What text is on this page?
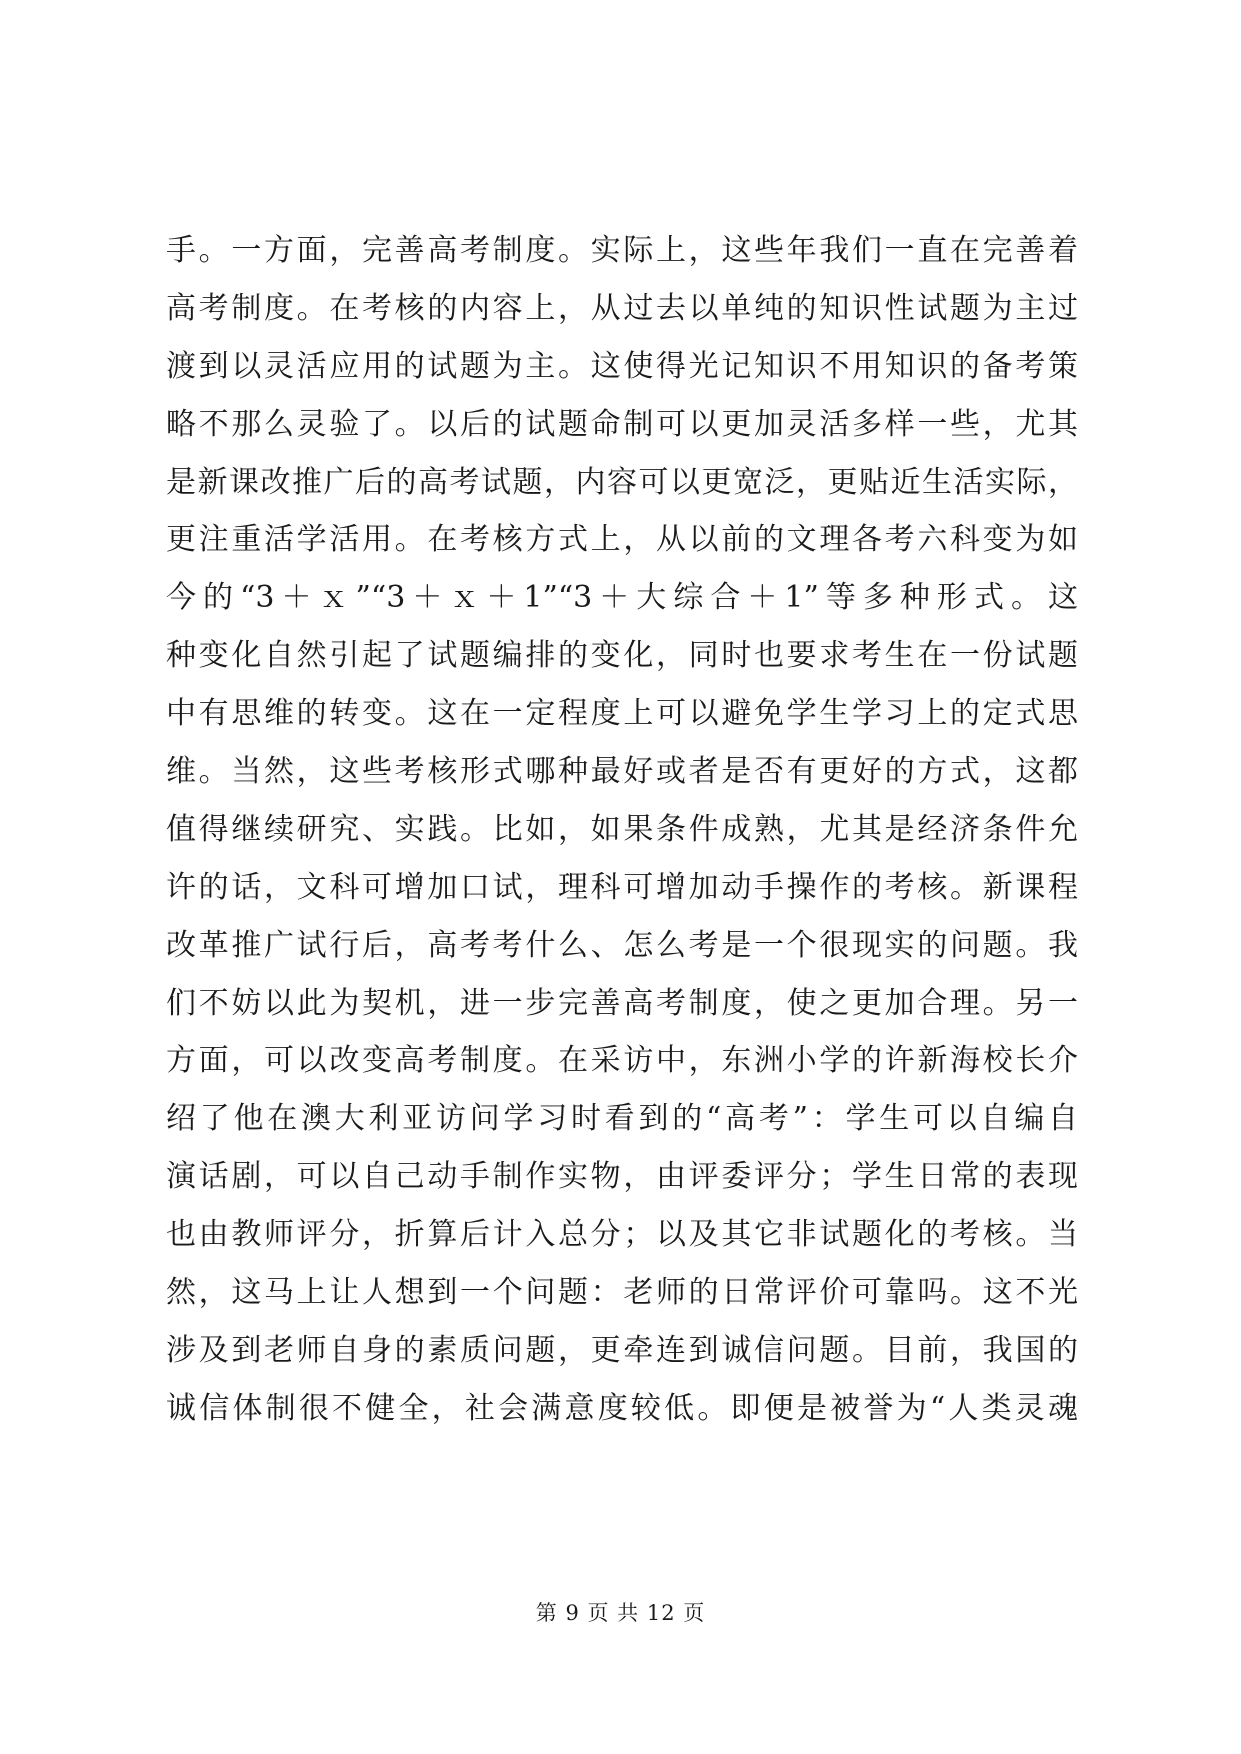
手。一方面，完善高考制度。实际上，这些年我们一直在完善着
高考制度。在考核的内容上，从过去以单纯的知识性试题为主过
渡到以灵活应用的试题为主。这使得光记知识不用知识的备考策
略不那么灵验了。以后的试题命制可以更加灵活多样一些，尤其
是新课改推广后的高考试题，内容可以更宽泛，更贴近生活实际，
更注重活学活用。在考核方式上，从以前的文理各考六科变为如
今的“3＋ｘ”“3＋ｘ＋1”“3＋大综合＋1”等多种形式。这
种变化自然引起了试题编排的变化，同时也要求考生在一份试题
中有思维的转变。这在一定程度上可以避免学生学习上的定式思
维。当然，这些考核形式哪种最好或者是否有更好的方式，这都
值得继续研究、实践。比如，如果条件成熟，尤其是经济条件允
许的话，文科可增加口试，理科可增加动手操作的考核。新课程
改革推广试行后，高考考什么、怎么考是一个很现实的问题。我
们不妨以此为契机，进一步完善高考制度，使之更加合理。另一
方面，可以改变高考制度。在采访中，东洲小学的许新海校长介
绍了他在澳大利亚访问学习时看到的“高考”：学生可以自编自
演话剧，可以自己动手制作实物，由评委评分；学生日常的表现
也由教师评分，折算后计入总分；以及其它非试题化的考核。当
然，这马上让人想到一个问题：老师的日常评价可靠吗。这不光
涉及到老师自身的素质问题，更牵连到诚信问题。目前，我国的
诚信体制很不健全，社会满意度较低。即便是被誉为“人类灵魂
第 9 页 共 12 页
